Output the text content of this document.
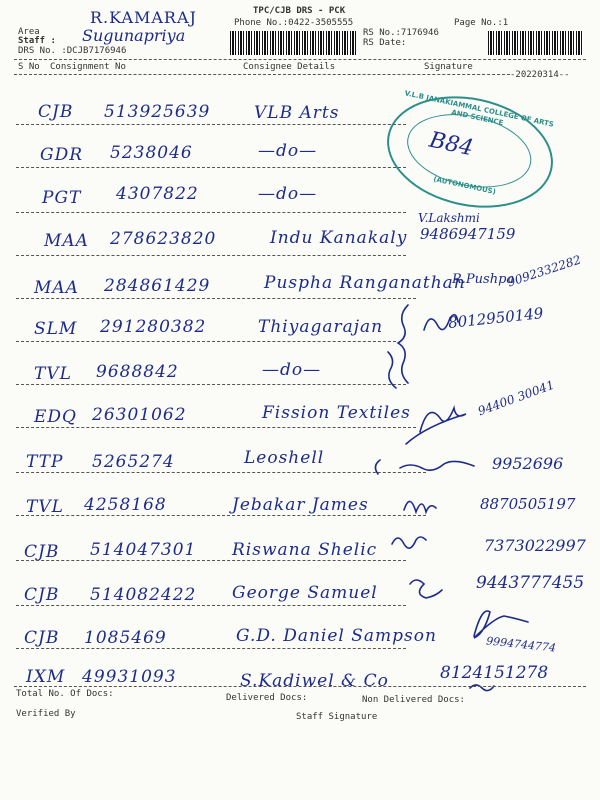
Area
R.KAMARAJ
Staff : Sugunapriya
DRS No. :DCJB7176946
TPC/CJB DRS - PCK
Phone No.:0422-3505555
RS No.:7176946
RS Date:
Page No.:1
S No Consignment No	Consignee Details	Signature
-20220314--
V.L.B JANAKIAMMAL COLLEGE OF ARTS AND SCIENCE
B84
(AUTONOMOUS)
CJB 513925639	VLB Arts
GDR 5238046	—do—
PGT 4307822	—do—
MAA 278623820	Indu Kanakaly
V.Lakshmi
9486947159
MAA 284861429	Puspha Ranganathan
R.Pushpa
9092332282
SLM 291280382	Thiyagarajan	8012950149
TVL 9688842	—do—
EDQ 26301062	Fission Textiles	94400 30041
TTP 5265274	Leoshell	9952696
TVL 4258168	Jebakar James	8870505197
CJB 514047301 Riswana Shelic	7373022997
CJB 514082422 George Samuel	9443777455
CJB 1085469	G.D. Daniel Sampson	9994744774
IXM 49931093	S.Kadiwel & Co	8124151278
Total No. Of Docs:	Delivered Docs:	Non Delivered Docs:
Verified By	Staff Signature
